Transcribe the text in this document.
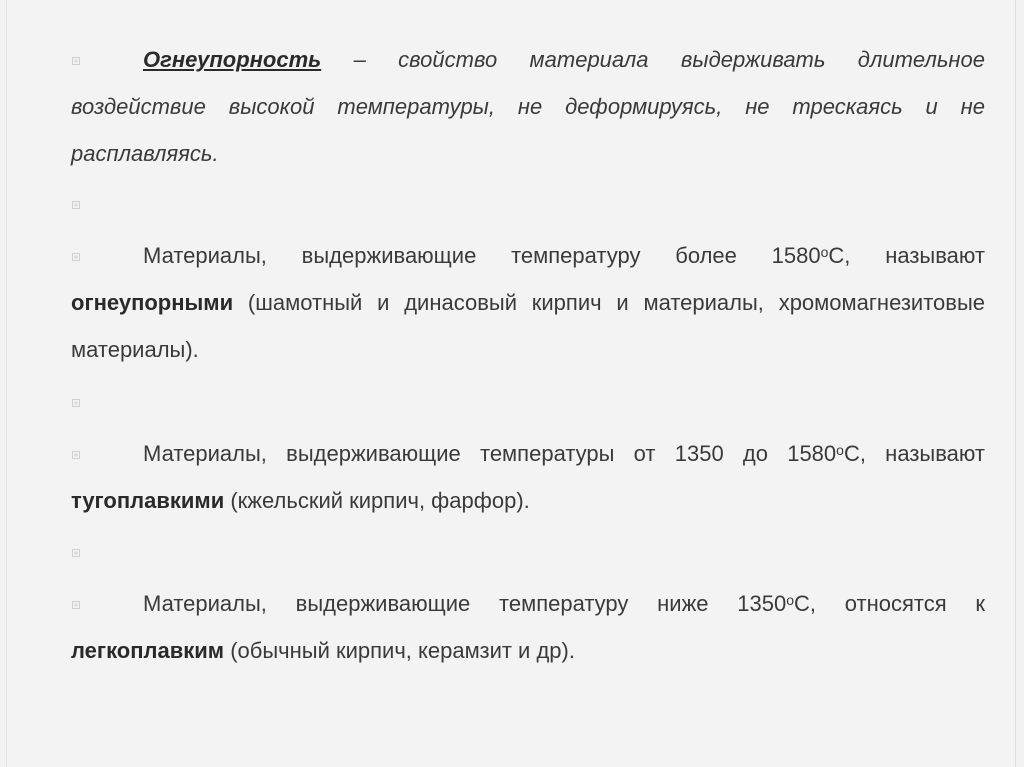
Огнеупорность – свойство материала выдерживать длительное воздействие высокой температуры, не деформируясь, не трескаясь и не расплавляясь.

Материалы, выдерживающие температуру более $1580^оС$, называют огнеупорными (шамотный и динасовый кирпич и материалы, хромомагнезитовые материалы).

Материалы, выдерживающие температуры от 1350 до $1580^оС$, называют тугоплавкими (кжельский кирпич, фарфор).

Материалы, выдерживающие температуру ниже $1350^оС$, относятся к легкоплавким (обычный кирпич, керамзит и др).
